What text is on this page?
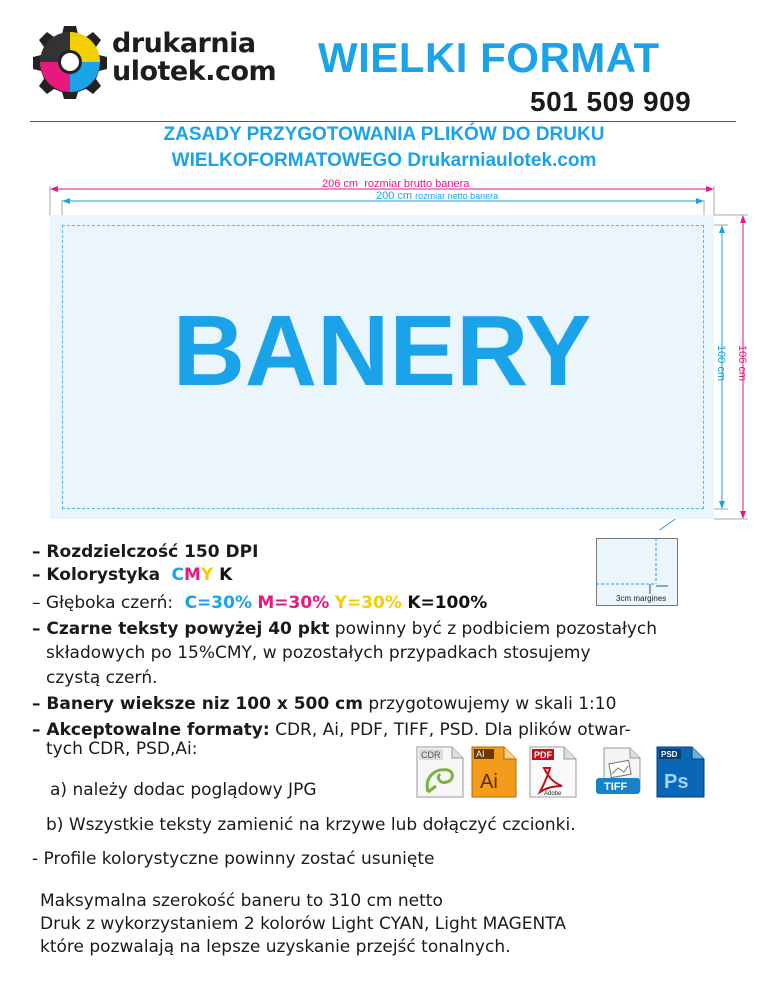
drukarnia
ulotek.com WIELKI FORMAT
501 509 909
ZASADY PRZYGOTOWANIA PLIKÓW DO DRUKU
WIELKOFORMATOWEGO Drukarniaulotek.com
206 cm rozmiar brutto banera
200 cm rozmiar netto banera
100 cm 106 cm
BANERY
3cm margines
– Rozdzielczość 150 DPI
– Kolorystyka CMY K
– Głęboka czerń: C=30% M=30% Y=30% K=100%
– Czarne teksty powyżej 40 pkt powinny być z podbiciem pozostałych
składowych po 15%CMY, w pozostałych przypadkach stosujemy
czystą czerń.
– Banery wieksze niz 100 x 500 cm przygotowujemy w skali 1:10
– Akceptowalne formaty: CDR, Ai, PDF, TIFF, PSD. Dla plików otwar-
tych CDR, PSD,Ai:	CDR	AI
Ai
PDF
Adobe
TIFF
PSD
Ps
a) należy dodac poglądowy JPG
b) Wszystkie teksty zamienić na krzywe lub dołączyć czcionki.
- Profile kolorystyczne powinny zostać usunięte
Maksymalna szerokość baneru to 310 cm netto
Druk z wykorzystaniem 2 kolorów Light CYAN, Light MAGENTA
które pozwalają na lepsze uzyskanie przejść tonalnych.
